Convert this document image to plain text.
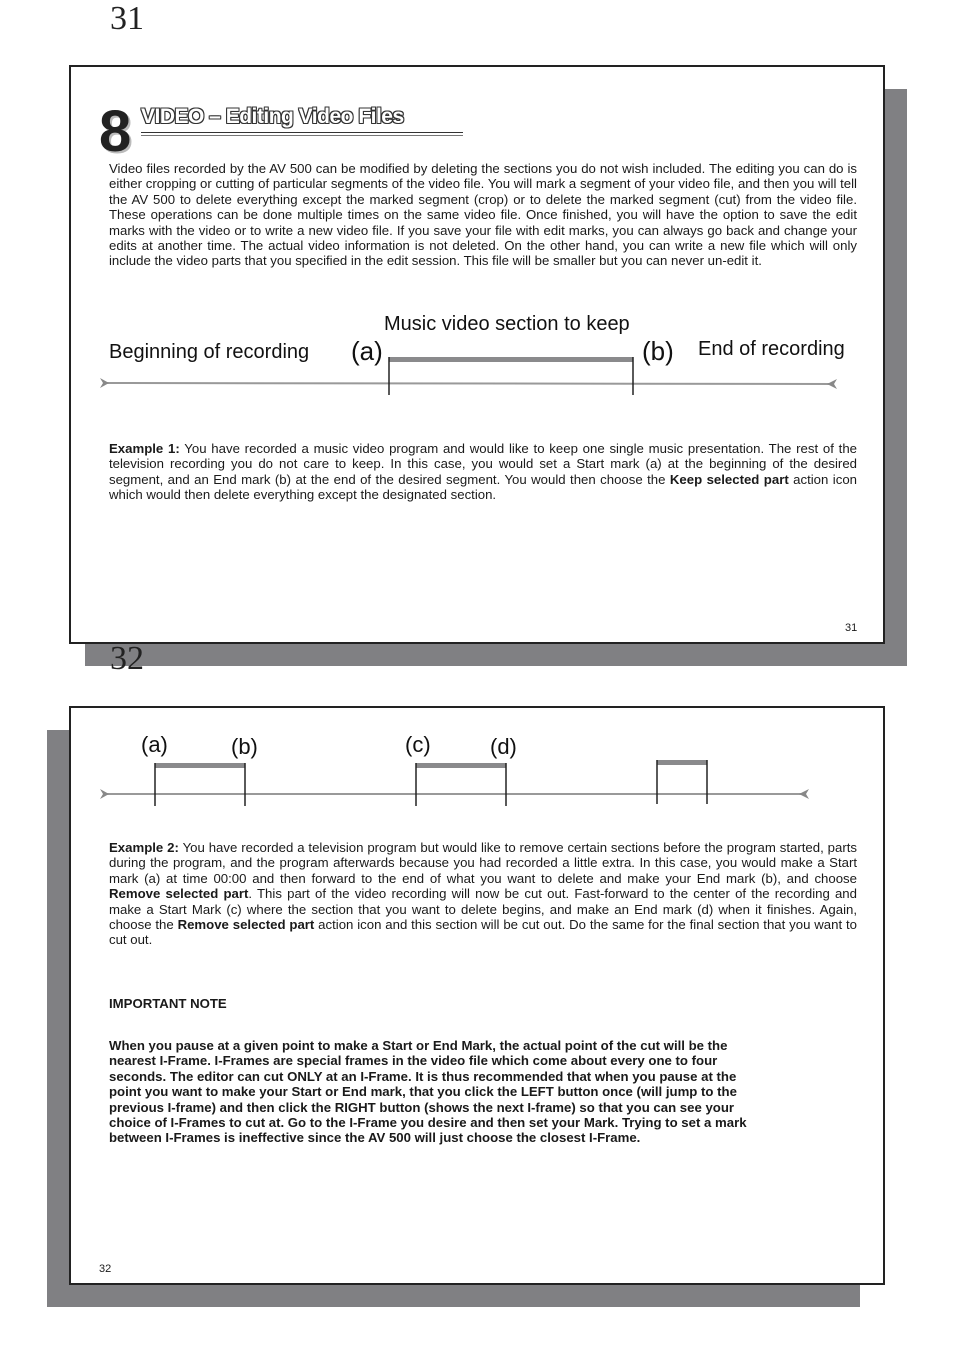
31
8 VIDEO – Editing Video Files

Video files recorded by the AV 500 can be modified by deleting the sections you do not wish included. The editing you can do is either cropping or cutting of particular segments of the video file. You will mark a segment of your video file, and then you will tell the AV 500 to delete everything except the marked segment (crop) or to delete the marked segment (cut) from the video file. These operations can be done multiple times on the same video file. Once finished, you will have the option to save the edit marks with the video or to write a new video file. If you save your file with edit marks, you can always go back and change your edits at another time. The actual video information is not deleted. On the other hand, you can write a new file which will only include the video parts that you specified in the edit session. This file will be smaller but you can never un-edit it.

Music video section to keep
Beginning of recording (a)	(b) End of recording

Example 1: You have recorded a music video program and would like to keep one single music presentation. The rest of the television recording you do not care to keep. In this case, you would set a Start mark (a) at the beginning of the desired segment, and an End mark (b) at the end of the desired segment. You would then choose the Keep selected part action icon which would then delete everything except the designated section.

31
32
(a)	(b)	(c)	(d)

Example 2: You have recorded a television program but would like to remove certain sections before the program started, parts during the program, and the program afterwards because you had recorded a little extra. In this case, you would make a Start mark (a) at time 00:00 and then forward to the end of what you want to delete and make your End mark (b), and choose Remove selected part. This part of the video recording will now be cut out. Fast-forward to the center of the recording and make a Start Mark (c) where the section that you want to delete begins, and make an End mark (d) when it finishes. Again, choose the Remove selected part action icon and this section will be cut out. Do the same for the final section that you want to cut out.

IMPORTANT NOTE

When you pause at a given point to make a Start or End Mark, the actual point of the cut will be the nearest I-Frame. I-Frames are special frames in the video file which come about every one to four seconds. The editor can cut ONLY at an I-Frame. It is thus recommended that when you pause at the point you want to make your Start or End mark, that you click the LEFT button once (will jump to the previous I-frame) and then click the RIGHT button (shows the next I-frame) so that you can see your choice of I-Frames to cut at. Go to the I-Frame you desire and then set your Mark. Trying to set a mark between I-Frames is ineffective since the AV 500 will just choose the closest I-Frame.

32
